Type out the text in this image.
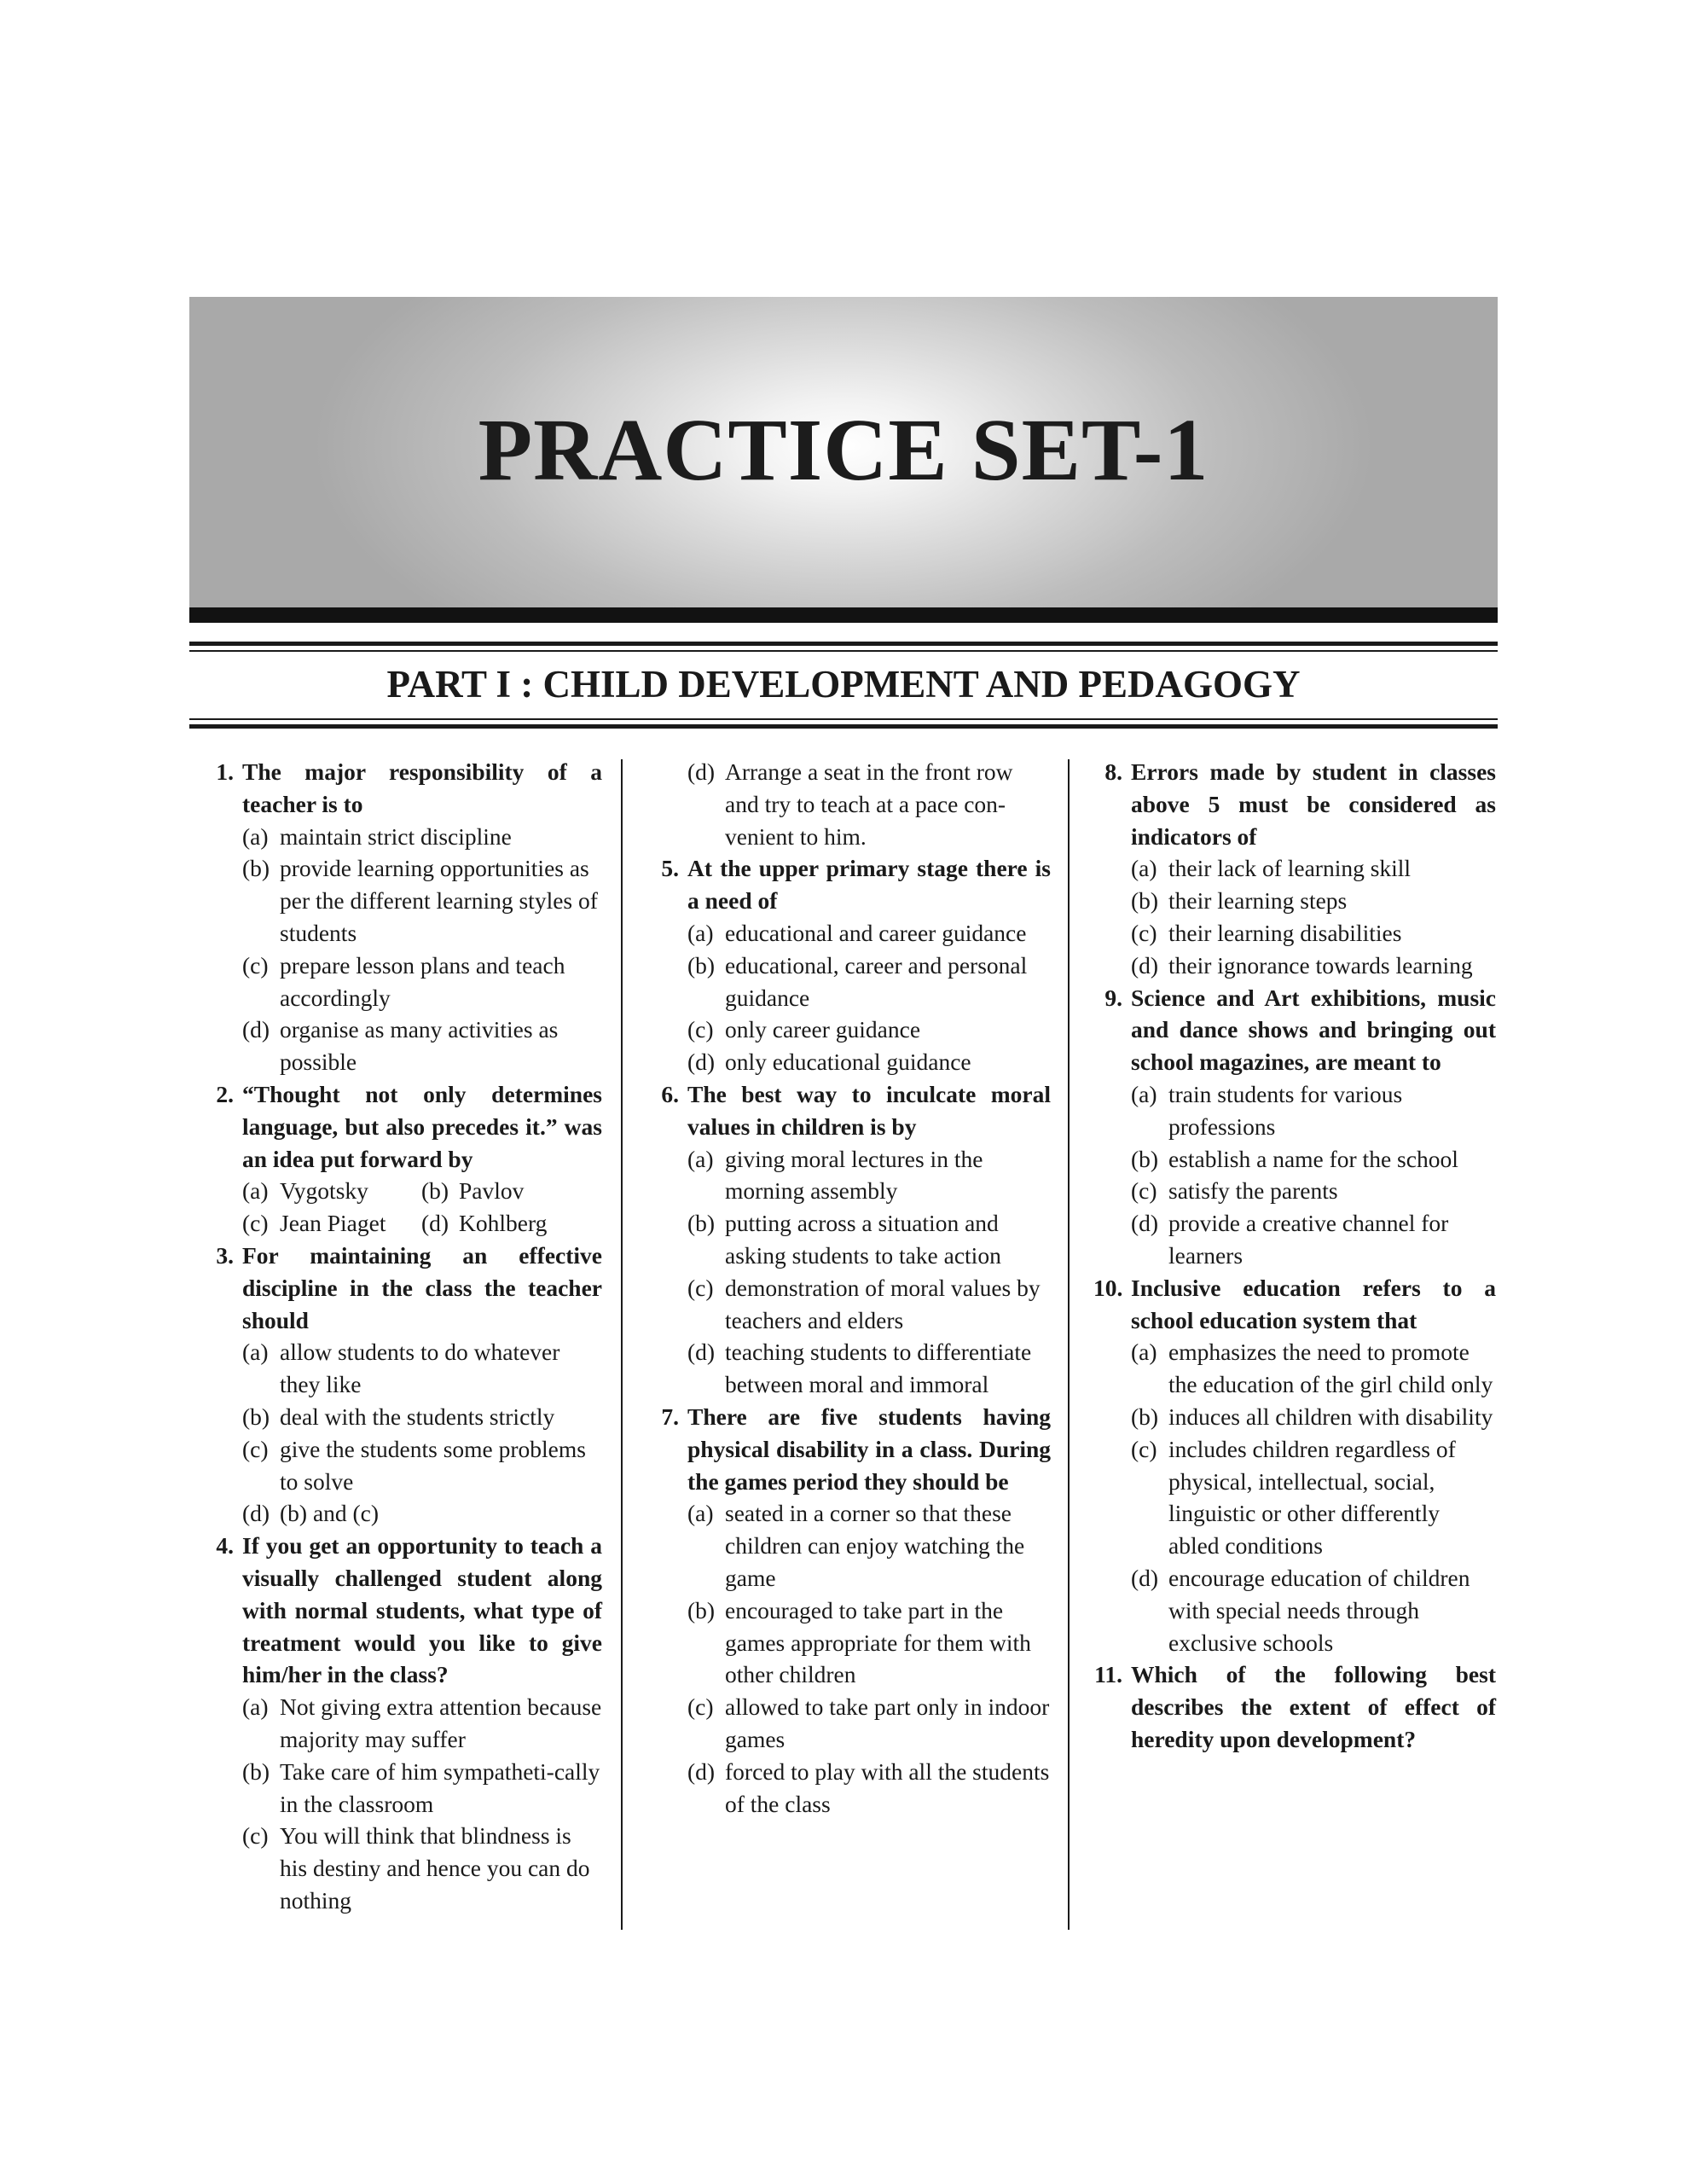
PRACTICE SET-1
PART I : CHILD DEVELOPMENT AND PEDAGOGY
1. The major responsibility of a teacher is to
(a) maintain strict discipline
(b) provide learning opportunities as per the different learning styles of students
(c) prepare lesson plans and teach accordingly
(d) organise as many activities as possible
2. “Thought not only determines language, but also precedes it.” was an idea put forward by
(a) Vygotsky	(b) Pavlov
(c) Jean Piaget	(d) Kohlberg
3. For maintaining an effective discipline in the class the teacher should
(a) allow students to do whatever they like
(b) deal with the students strictly
(c) give the students some problems to solve
(d) (b) and (c)
4. If you get an opportunity to teach a visually challenged student along with normal students, what type of treatment would you like to give him/her in the class?
(a) Not giving extra attention because majority may suffer
(b) Take care of him sympatheti-cally in the classroom
(c) You will think that blindness is his destiny and hence you can do nothing
(d) Arrange a seat in the front row and try to teach at a pace con-venient to him.
5. At the upper primary stage there is a need of
(a) educational and career guidance
(b) educational, career and personal guidance
(c) only career guidance
(d) only educational guidance
6. The best way to inculcate moral values in children is by
(a) giving moral lectures in the morning assembly
(b) putting across a situation and asking students to take action
(c) demonstration of moral values by teachers and elders
(d) teaching students to differentiate between moral and immoral
7. There are five students having physical disability in a class. During the games period they should be
(a) seated in a corner so that these children can enjoy watching the game
(b) encouraged to take part in the games appropriate for them with other children
(c) allowed to take part only in indoor games
(d) forced to play with all the students of the class
8. Errors made by student in classes above 5 must be considered as indicators of
(a) their lack of learning skill
(b) their learning steps
(c) their learning disabilities
(d) their ignorance towards learning
9. Science and Art exhibitions, music and dance shows and bringing out school magazines, are meant to
(a) train students for various professions
(b) establish a name for the school
(c) satisfy the parents
(d) provide a creative channel for learners
10. Inclusive education refers to a school education system that
(a) emphasizes the need to promote the education of the girl child only
(b) induces all children with disability
(c) includes children regardless of physical, intellectual, social, linguistic or other differently abled conditions
(d) encourage education of children with special needs through exclusive schools
11. Which of the following best describes the extent of effect of heredity upon development?
